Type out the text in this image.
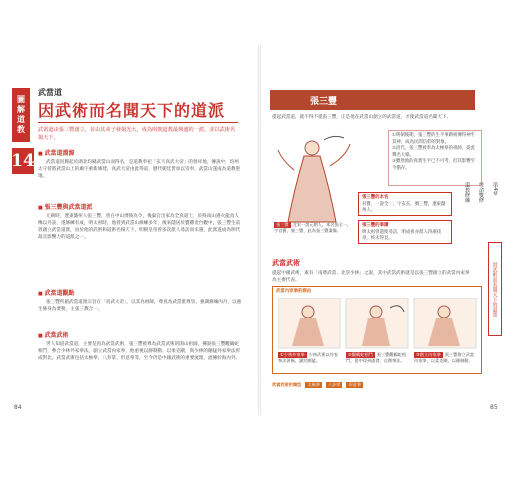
圖解道教
14
武當道
因武術而名聞天下的道派
武當道由張三豐創立，並由其弟子發揚光大，成為明朝道教最興盛的一派，並以武術名揚天下。
■ 武當道淵源

武當道因興起於湖北均縣武當山而得名，是道教奉祀「玄天真武大帝」的發祥地，傳說中，均州太守曾將武當山上的廟宇重新修建，真武大帝由此得道，歷代朝廷皆加以崇奉，武當山遂成為道教聖地。

■ 張三豐與武當道派

元朝時，遼東懿州人張三豐，曾在中山博陵為令，後棄官出家為全真道士，於終南山遇火龍真人傳以丹訣，遂修練有成，明太祖時，他曾到武當山修練多年，後來隱居於寶雞金台觀中，張三豐生前曾創立武當道派，由於他的武術和道術名揚天下，明朝皇帝曾多次派人尋訪而未遇，此派遂成為明代最具影響力的道派之一。

■ 武當道觀點

張三豐所創武當道派宗旨在「真武大帝」，以其為祖師，尊真為武當派尊崇，強調修煉內丹，以養生修身為要務，主張三教合一。

■ 武當武術

世人知道武當道，主要是因為武當武術，張三豐被尊為武當武術的開山祖師，傳說張三豐觀鶴蛇相鬥，參合少林外家拳法，創立武當內家拳，他重視以靜制動、以柔克剛，與少林的剛猛外家拳法形成對比。武當武術包括太極拳、八卦掌、形意拳等，至今仍是中國武術的重要流派，流傳於海內外。

84
張三豐
提起武當道，就不得不提張三豐，正是他在武當山創立的武當道，才使武當道名聞天下。
張三豐 北宋一說元朝人，本名張全一，字君寶，號三豐，此為張三豐畫像。
①明朝後期，張三豐的生平事蹟被傳得神乎其神，成為民間信仰的對象。
②清代，張三豐被奉為太極拳的祖師，從此聲名大噪。
③雖然他的真實生平已不可考，但其影響至今猶存。
張三豐的本名
君寶，一說全一，字玄玄，號三豐，遼東懿州人。
張三豐的事蹟
明太祖曾遣使尋訪，明成祖亦派人四處找尋，終未得見。
武當武術
提起中國武術，素有「南尊武當、北崇少林」之說，其中武當武術就是以張三豐創立的武當內家拳為主要代表。
武當內家拳的源由
①少林外家拳 少林武術以外家拳法著稱，講究剛猛。
②觀鶴蛇相鬥 張三豐觀鶴蛇相鬥，從中得到啟發，自創拳法。
③創立內家拳 張三豐創立武當內家拳，以柔克剛，以靜制動。
武當武術的類型	太極拳	八卦掌	形意拳
第4章
性命雙修
道教修練
因武術而名聞天下的道派
85
